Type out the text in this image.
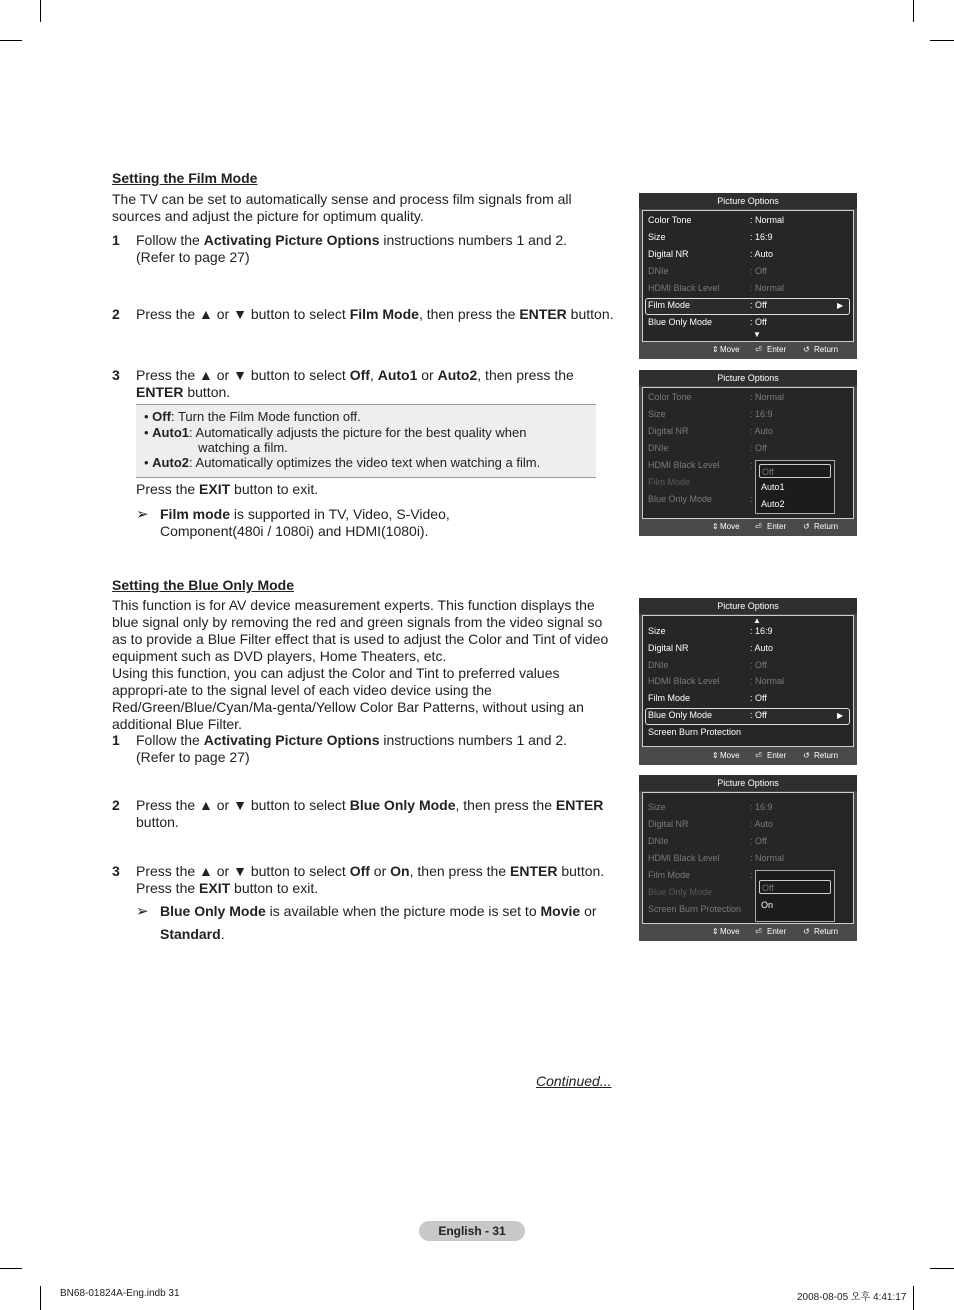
Setting the Film Mode
The TV can be set to automatically sense and process film signals from all sources and adjust the picture for optimum quality.
1 Follow the Activating Picture Options instructions numbers 1 and 2.
(Refer to page 27)
2 Press the ▲ or ▼ button to select Film Mode, then press the ENTER button.
3 Press the ▲ or ▼ button to select Off, Auto1 or Auto2, then press the ENTER button.
• Off: Turn the Film Mode function off.
• Auto1: Automatically adjusts the picture for the best quality when
watching a film.
• Auto2: Automatically optimizes the video text when watching a film.
Press the EXIT button to exit.
➢ Film mode is supported in TV, Video, S-Video,
Component(480i / 1080i) and HDMI(1080i).
Setting the Blue Only Mode
This function is for AV device measurement experts. This function displays the blue signal only by removing the red and green signals from the video signal so as to provide a Blue Filter effect that is used to adjust the Color and Tint of video equipment such as DVD players, Home Theaters, etc.
Using this function, you can adjust the Color and Tint to preferred values appropri-ate to the signal level of each video device using the Red/Green/Blue/Cyan/Ma-genta/Yellow Color Bar Patterns, without using an additional Blue Filter.
1 Follow the Activating Picture Options instructions numbers 1 and 2.
(Refer to page 27)
2 Press the ▲ or ▼ button to select Blue Only Mode, then press the ENTER
button.
3 Press the ▲ or ▼ button to select Off or On, then press the ENTER button.
Press the EXIT button to exit.
➢ Blue Only Mode is available when the picture mode is set to Movie or
Standard.
Continued...
English - 31
BN68-01824A-Eng.indb 31	2008-08-05 오후 4:41:17
Picture Options
Color Tone	: Normal
Size	: 16:9
Digital NR	: Auto
DNIe	: Off
HDMI Black Level	: Normal
Film Mode	: Off	▶
Blue Only Mode	: Off
▼
⇕ Move ⏎ Enter ↺ Return
Picture Options
Color Tone	: Normal
Size	: 16:9
Digital NR	: Auto
DNIe	: Off
HDMI Black Level	:
Film Mode
Blue Only Mode	:
Off
Auto1
Auto2
⇕ Move ⏎ Enter ↺ Return
Picture Options
▲
Size	: 16:9
Digital NR	: Auto
DNIe	: Off
HDMI Black Level	: Normal
Film Mode	: Off
Blue Only Mode	: Off	▶
Screen Burn Protection
⇕ Move ⏎ Enter ↺ Return
Picture Options
Size	: 16:9
Digital NR	: Auto
DNIe	: Off
HDMI Black Level	: Normal
Film Mode	:
Blue Only Mode
Screen Burn Protection
Off
On
⇕ Move ⏎ Enter ↺ Return
